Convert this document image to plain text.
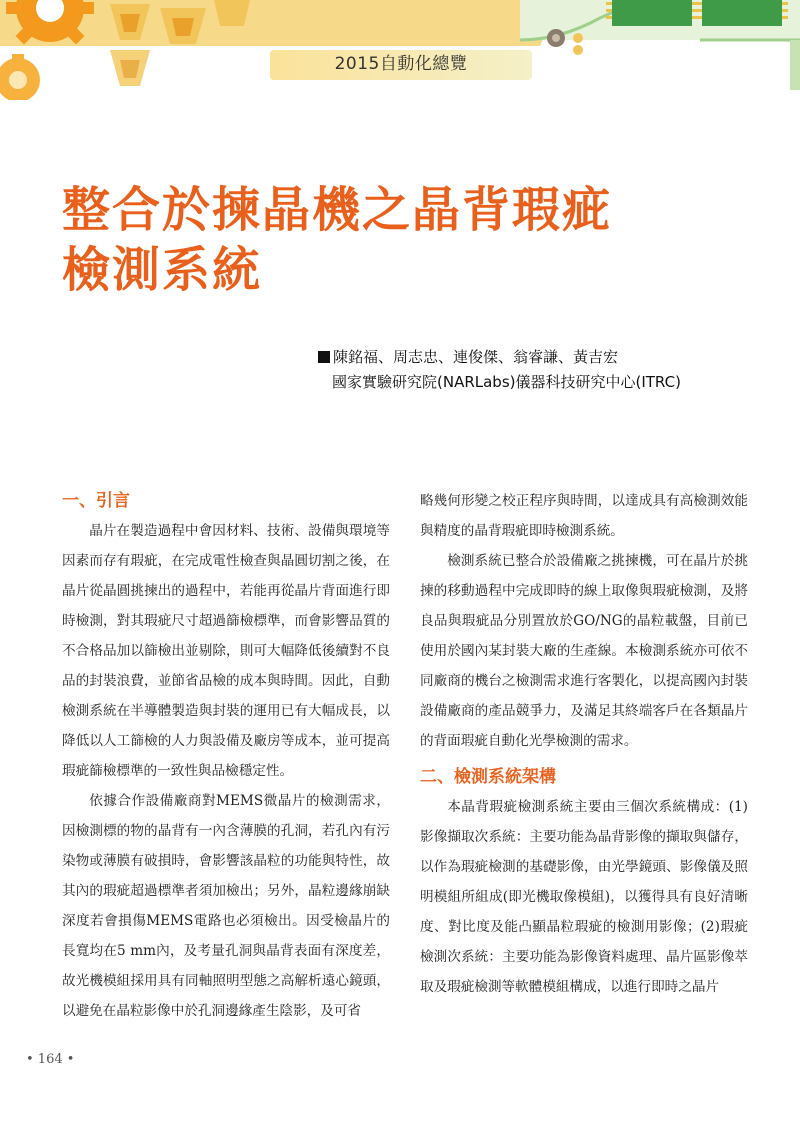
2015自動化總覽
整合於揀晶機之晶背瑕疵
檢測系統
陳銘福、周志忠、連俊傑、翁睿謙、黃吉宏
國家實驗研究院(NARLabs)儀器科技研究中心(ITRC)
一、引言

晶片在製造過程中會因材料、技術、設備與環境等因素而存有瑕疵，在完成電性檢查與晶圓切割之後，在晶片從晶圓挑揀出的過程中，若能再從晶片背面進行即時檢測，對其瑕疵尺寸超過篩檢標準，而會影響品質的不合格品加以篩檢出並剔除，則可大幅降低後續對不良品的封裝浪費，並節省品檢的成本與時間。因此，自動檢測系統在半導體製造與封裝的運用已有大幅成長，以降低以人工篩檢的人力與設備及廠房等成本，並可提高瑕疵篩檢標準的一致性與品檢穩定性。

依據合作設備廠商對MEMS微晶片的檢測需求，因檢測標的物的晶背有一內含薄膜的孔洞，若孔內有污染物或薄膜有破損時，會影響該晶粒的功能與特性，故其內的瑕疵超過標準者須加檢出；另外，晶粒邊緣崩缺深度若會損傷MEMS電路也必須檢出。因受檢晶片的長寬均在5 mm內，及考量孔洞與晶背表面有深度差，故光機模組採用具有同軸照明型態之高解析遠心鏡頭，以避免在晶粒影像中於孔洞邊緣產生陰影，及可省

略幾何形變之校正程序與時間，以達成具有高檢測效能與精度的晶背瑕疵即時檢測系統。

檢測系統已整合於設備廠之挑揀機，可在晶片於挑揀的移動過程中完成即時的線上取像與瑕疵檢測，及將良品與瑕疵品分別置放於GO/NG的晶粒載盤，目前已使用於國內某封裝大廠的生產線。本檢測系統亦可依不同廠商的機台之檢測需求進行客製化，以提高國內封裝設備廠商的產品競爭力，及滿足其終端客戶在各類晶片的背面瑕疵自動化光學檢測的需求。

二、檢測系統架構

本晶背瑕疵檢測系統主要由三個次系統構成：(1)影像擷取次系統：主要功能為晶背影像的擷取與儲存，以作為瑕疵檢測的基礎影像，由光學鏡頭、影像儀及照明模組所組成(即光機取像模組)，以獲得具有良好清晰度、對比度及能凸顯晶粒瑕疵的檢測用影像；(2)瑕疵檢測次系統：主要功能為影像資料處理、晶片區影像萃取及瑕疵檢測等軟體模組構成，以進行即時之晶片

• 164 •
